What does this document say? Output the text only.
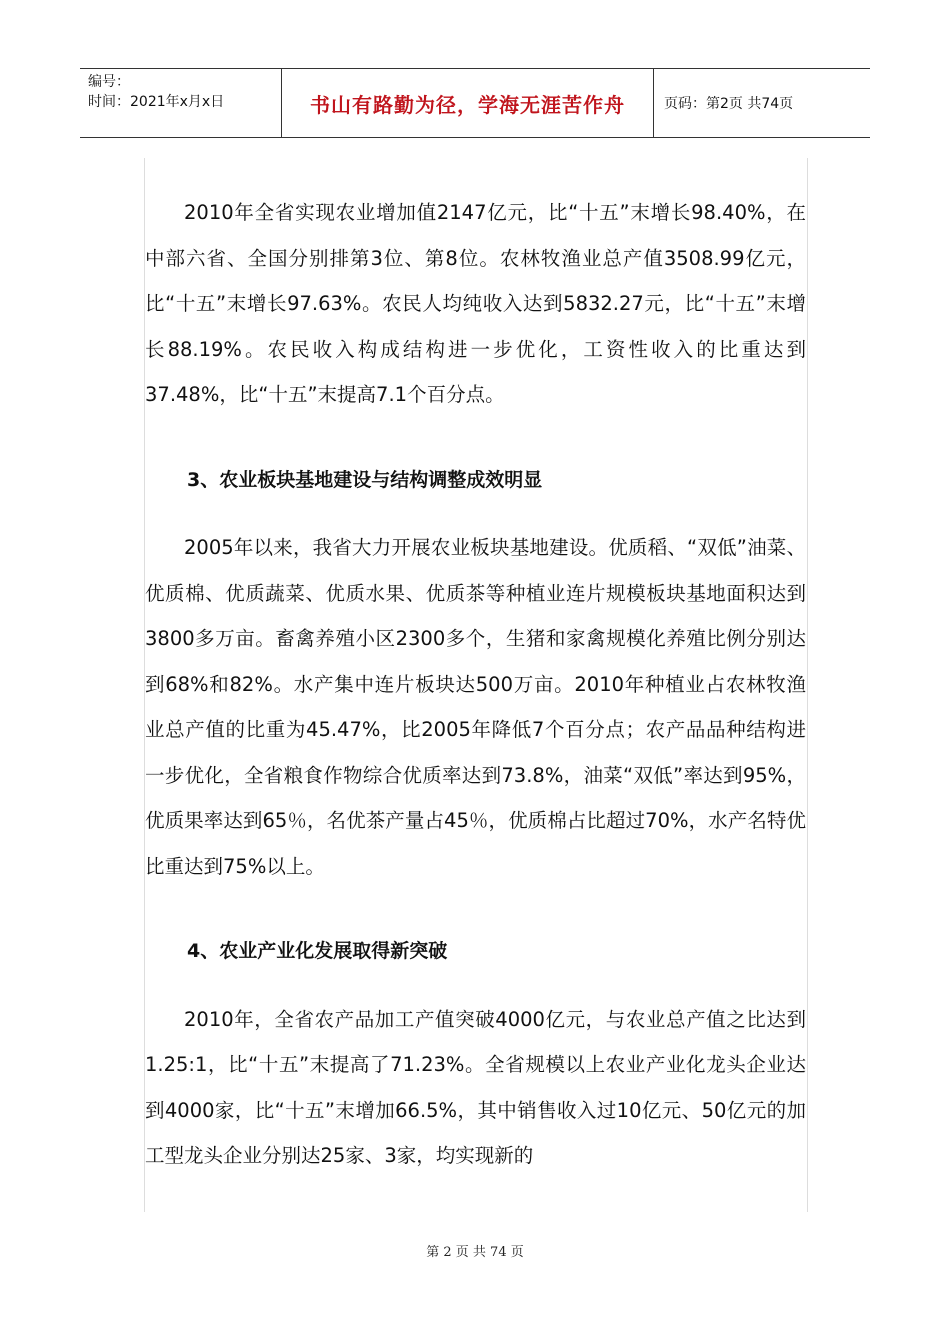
编号：
时间：2021年x月x日	书山有路勤为径，学海无涯苦作舟	页码：第2页 共74页

2010年全省实现农业增加值2147亿元，比“十五”末增长98.40%，在中部六省、全国分别排第3位、第8位。农林牧渔业总产值3508.99亿元，比“十五”末增长97.63%。农民人均纯收入达到5832.27元，比“十五”末增长88.19%。农民收入构成结构进一步优化，工资性收入的比重达到37.48%，比“十五”末提高7.1个百分点。

3、农业板块基地建设与结构调整成效明显

2005年以来，我省大力开展农业板块基地建设。优质稻、“双低”油菜、优质棉、优质蔬菜、优质水果、优质茶等种植业连片规模板块基地面积达到3800多万亩。畜禽养殖小区2300多个，生猪和家禽规模化养殖比例分别达到68%和82%。水产集中连片板块达500万亩。2010年种植业占农林牧渔业总产值的比重为45.47%，比2005年降低7个百分点；农产品品种结构进一步优化，全省粮食作物综合优质率达到73.8%，油菜“双低”率达到95%，优质果率达到65％，名优茶产量占45％，优质棉占比超过70%，水产名特优比重达到75%以上。

4、农业产业化发展取得新突破

2010年，全省农产品加工产值突破4000亿元，与农业总产值之比达到1.25:1，比“十五”末提高了71.23%。全省规模以上农业产业化龙头企业达到4000家，比“十五”末增加66.5%，其中销售收入过10亿元、50亿元的加工型龙头企业分别达25家、3家，均实现新的

第 2 页 共 74 页
